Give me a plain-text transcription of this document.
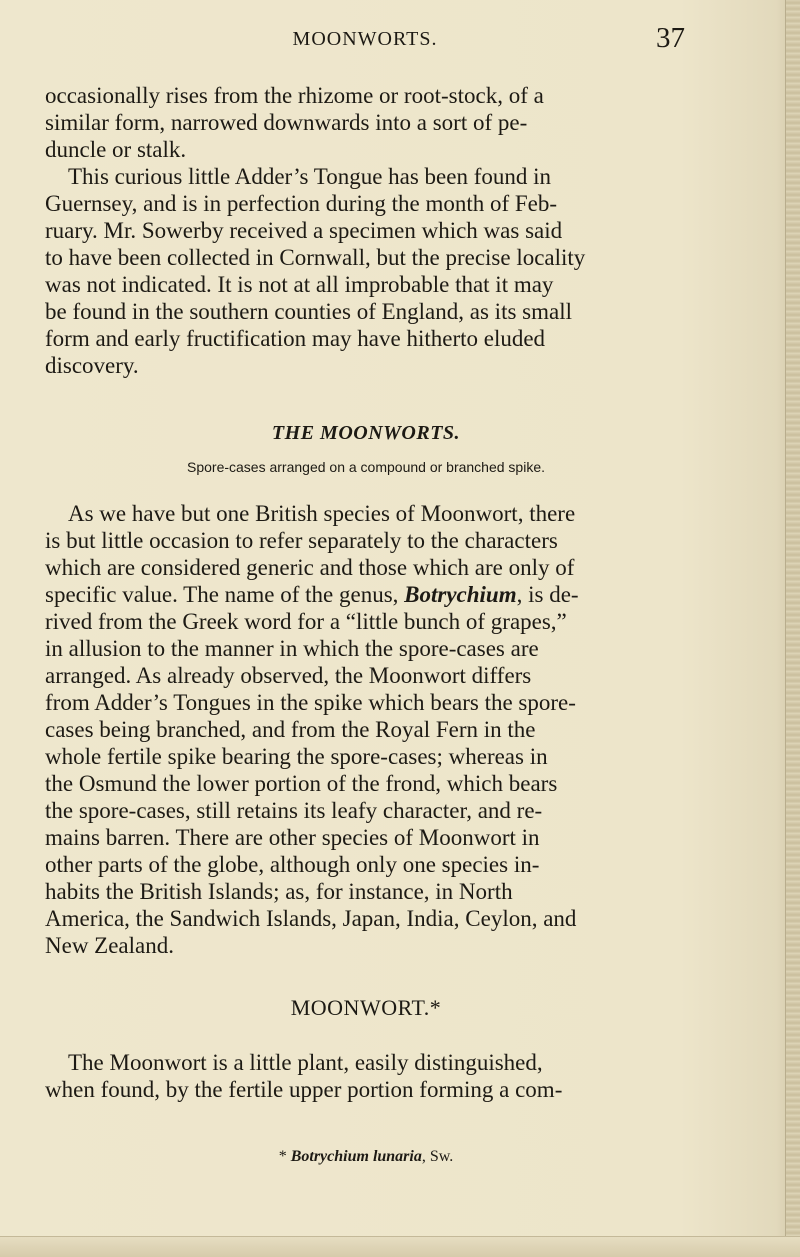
MOONWORTS.	37

occasionally rises from the rhizome or root-stock, of a
similar form, narrowed downwards into a sort of pe-
duncle or stalk.

This curious little Adder’s Tongue has been found in
Guernsey, and is in perfection during the month of Feb-
ruary. Mr. Sowerby received a specimen which was said
to have been collected in Cornwall, but the precise locality
was not indicated. It is not at all improbable that it may
be found in the southern counties of England, as its small
form and early fructification may have hitherto eluded
discovery.

THE MOONWORTS.
Spore-cases arranged on a compound or branched spike.

As we have but one British species of Moonwort, there
is but little occasion to refer separately to the characters
which are considered generic and those which are only of
specific value. The name of the genus, Botrychium, is de-
rived from the Greek word for a “little bunch of grapes,”
in allusion to the manner in which the spore-cases are
arranged. As already observed, the Moonwort differs
from Adder’s Tongues in the spike which bears the spore-
cases being branched, and from the Royal Fern in the
whole fertile spike bearing the spore-cases; whereas in
the Osmund the lower portion of the frond, which bears
the spore-cases, still retains its leafy character, and re-
mains barren. There are other species of Moonwort in
other parts of the globe, although only one species in-
habits the British Islands; as, for instance, in North
America, the Sandwich Islands, Japan, India, Ceylon, and
New Zealand.

MOONWORT.*

The Moonwort is a little plant, easily distinguished,
when found, by the fertile upper portion forming a com-

* Botrychium lunaria, Sw.
